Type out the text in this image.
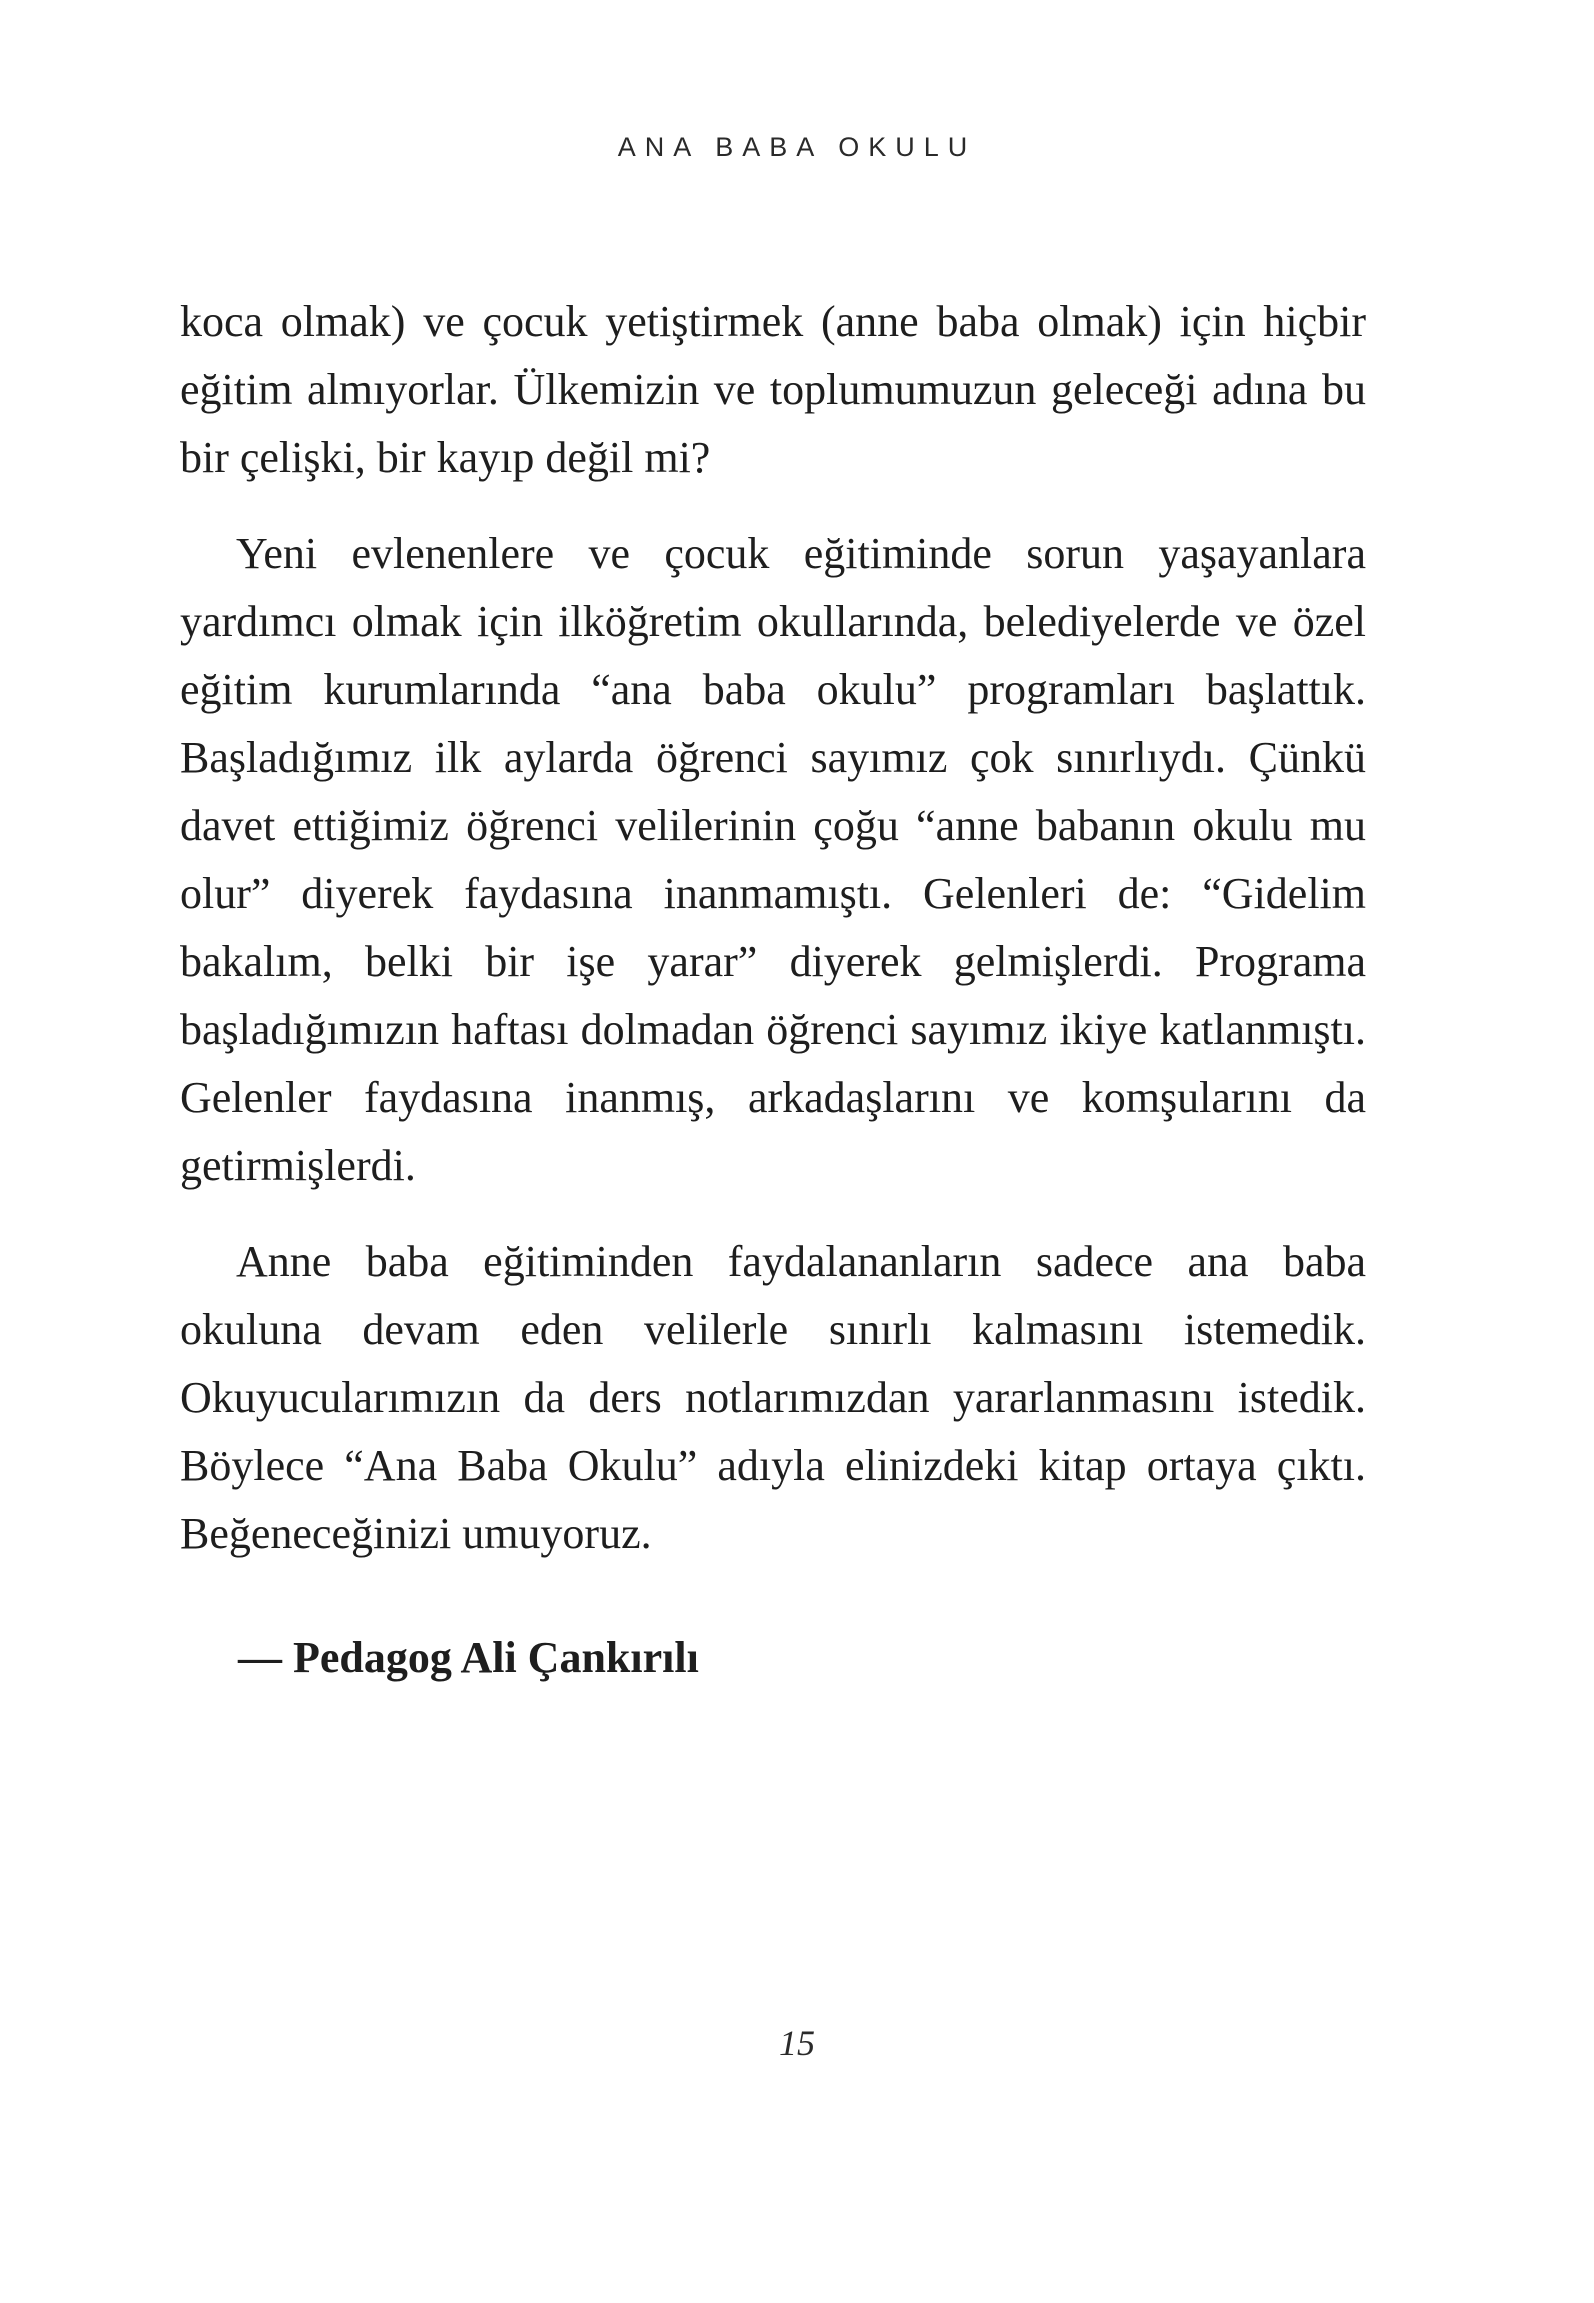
ANA BABA OKULU

koca olmak) ve çocuk yetiştirmek (anne baba olmak) için hiçbir eğitim almıyorlar. Ülkemizin ve toplumumuzun geleceği adına bu bir çelişki, bir kayıp değil mi?

Yeni evlenenlere ve çocuk eğitiminde sorun yaşayanlara yardımcı olmak için ilköğretim okullarında, belediyelerde ve özel eğitim kurumlarında “ana baba okulu” programları başlattık. Başladığımız ilk aylarda öğrenci sayımız çok sınırlıydı. Çünkü davet ettiğimiz öğrenci velilerinin çoğu “anne babanın okulu mu olur” diyerek faydasına inanmamıştı. Gelenleri de: “Gidelim bakalım, belki bir işe yarar” diyerek gelmişlerdi. Programa başladığımızın haftası dolmadan öğrenci sayımız ikiye katlanmıştı. Gelenler faydasına inanmış, arkadaşlarını ve komşularını da getirmişlerdi.

Anne baba eğitiminden faydalananların sadece ana baba okuluna devam eden velilerle sınırlı kalmasını istemedik. Okuyucularımızın da ders notlarımızdan yararlanmasını istedik. Böylece “Ana Baba Okulu” adıyla elinizdeki kitap ortaya çıktı. Beğeneceğinizi umuyoruz.

— Pedagog Ali Çankırılı
15
